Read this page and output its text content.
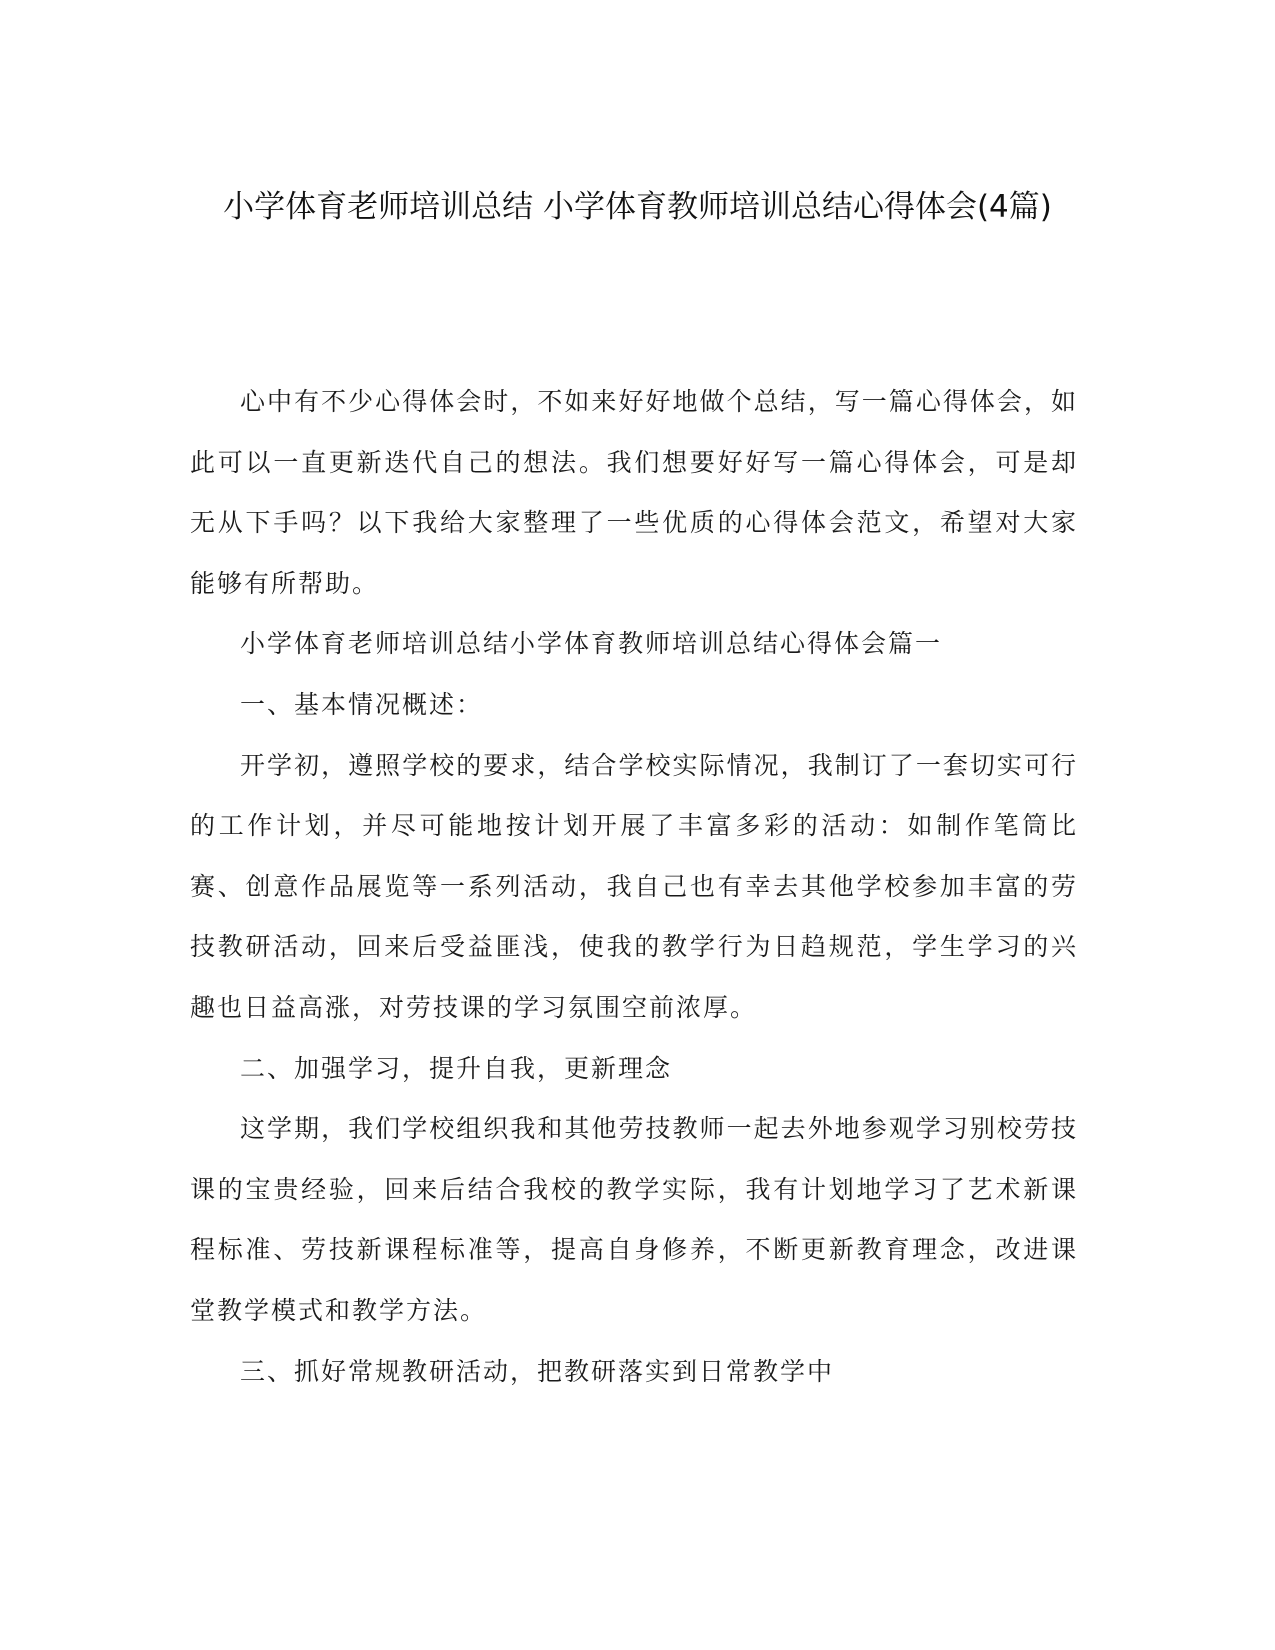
小学体育老师培训总结 小学体育教师培训总结心得体会(4篇)

心中有不少心得体会时，不如来好好地做个总结，写一篇心得体会，如此可以一直更新迭代自己的想法。我们想要好好写一篇心得体会，可是却无从下手吗？以下我给大家整理了一些优质的心得体会范文，希望对大家能够有所帮助。

小学体育老师培训总结小学体育教师培训总结心得体会篇一

一、基本情况概述：

开学初，遵照学校的要求，结合学校实际情况，我制订了一套切实可行的工作计划，并尽可能地按计划开展了丰富多彩的活动：如制作笔筒比赛、创意作品展览等一系列活动，我自己也有幸去其他学校参加丰富的劳技教研活动，回来后受益匪浅，使我的教学行为日趋规范，学生学习的兴趣也日益高涨，对劳技课的学习氛围空前浓厚。

二、加强学习，提升自我，更新理念

这学期，我们学校组织我和其他劳技教师一起去外地参观学习别校劳技课的宝贵经验，回来后结合我校的教学实际，我有计划地学习了艺术新课程标准、劳技新课程标准等，提高自身修养，不断更新教育理念，改进课堂教学模式和教学方法。

三、抓好常规教研活动，把教研落实到日常教学中
